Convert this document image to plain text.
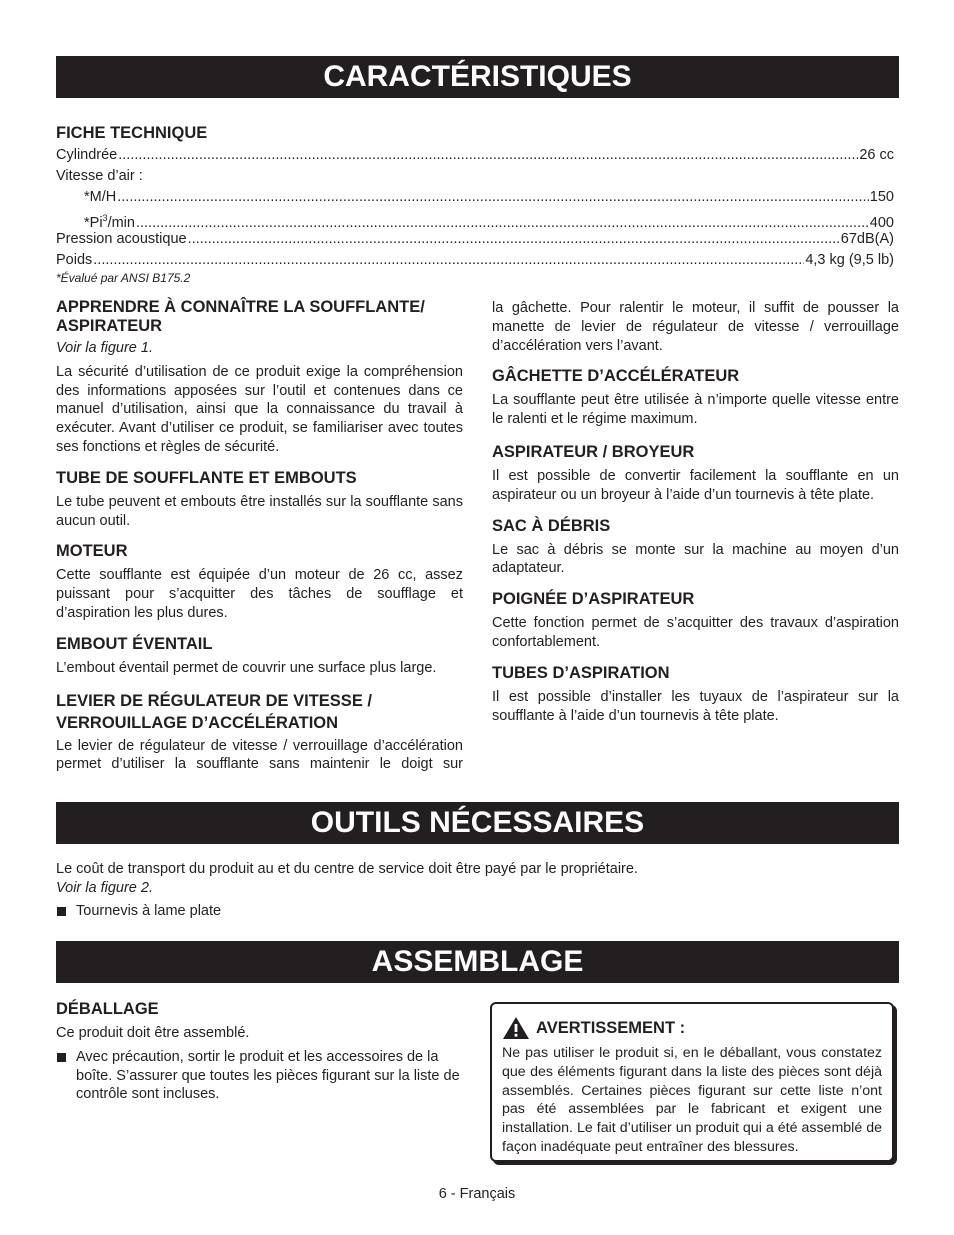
CARACTÉRISTIQUES
FICHE TECHNIQUE
Cylindrée .....	26 cc
Vitesse d’air :
*M/H .....	150
*Pi$^3$/min .....	400
Pression acoustique .....	67dB(A)
Poids .....	4,3 kg (9,5 lb)
*Évalué par ANSI B175.2
APPRENDRE À CONNAÎTRE LA SOUFFLANTE/ ASPIRATEUR
Voir la figure 1.
La sécurité d’utilisation de ce produit exige la compréhension des informations apposées sur l’outil et contenues dans ce manuel d’utilisation, ainsi que la connaissance du travail à exécuter. Avant d’utiliser ce produit, se familiariser avec toutes ses fonctions et règles de sécurité.
TUBE DE SOUFFLANTE ET EMBOUTS
Le tube peuvent et embouts être installés sur la soufflante sans aucun outil.
MOTEUR
Cette soufflante est équipée d’un moteur de 26 cc, assez puissant pour s’acquitter des tâches de soufflage et d’aspiration les plus dures.
EMBOUT ÉVENTAIL
L’embout éventail permet de couvrir une surface plus large.
LEVIER DE RÉGULATEUR DE VITESSE / VERROUILLAGE D’ACCÉLÉRATION
Le levier de régulateur de vitesse / verrouillage d’accélération permet d’utiliser la soufflante sans maintenir le doigt sur
la gâchette. Pour ralentir le moteur, il suffit de pousser la manette de levier de régulateur de vitesse / verrouillage d’accélération vers l’avant.
GÂCHETTE D’ACCÉLÉRATEUR
La soufflante peut être utilisée à n’importe quelle vitesse entre le ralenti et le régime maximum.
ASPIRATEUR / BROYEUR
Il est possible de convertir facilement la soufflante en un aspirateur ou un broyeur à l’aide d’un tournevis à tête plate.
SAC À DÉBRIS
Le sac à débris se monte sur la machine au moyen d’un adaptateur.
POIGNÉE D’ASPIRATEUR
Cette fonction permet de s’acquitter des travaux d’aspiration confortablement.
TUBES D’ASPIRATION
Il est possible d’installer les tuyaux de l’aspirateur sur la soufflante à l’aide d’un tournevis à tête plate.
OUTILS NÉCESSAIRES
Le coût de transport du produit au et du centre de service doit être payé par le propriétaire.
Voir la figure 2.
Tournevis à lame plate
ASSEMBLAGE
DÉBALLAGE
Ce produit doit être assemblé.
Avec précaution, sortir le produit et les accessoires de la boîte. S’assurer que toutes les pièces figurant sur la liste de contrôle sont incluses.
AVERTISSEMENT :
Ne pas utiliser le produit si, en le déballant, vous constatez que des éléments figurant dans la liste des pièces sont déjà assemblés. Certaines pièces figurant sur cette liste n’ont pas été assemblées par le fabricant et exigent une installation. Le fait d’utiliser un produit qui a été assemblé de façon inadéquate peut entraîner des blessures.
6 - Français
